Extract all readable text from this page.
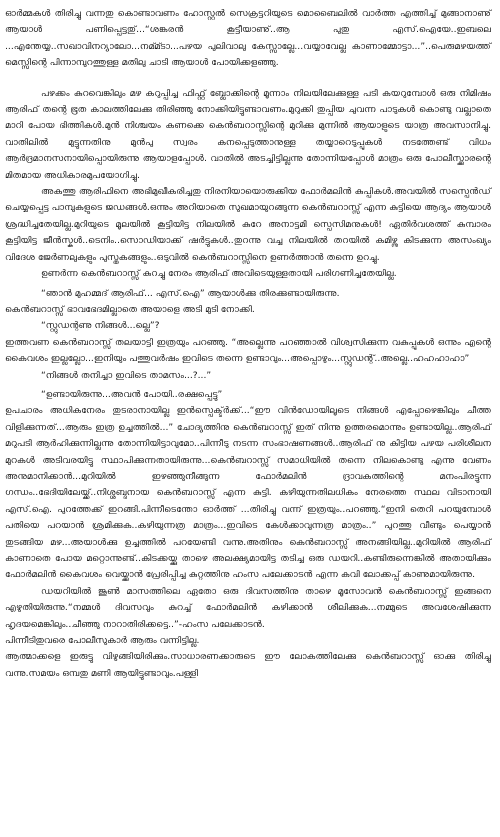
ഓർമ്മകൾ തിരിച്ചു വന്നതു കൊണ്ടാവണം ഹോസ്റ്റൽ സെക്രട്ടറിയുടെ മൊബൈലിൽ വാർത്ത എത്തിച്ച് മുങ്ങാനാണു് ആയാൾ പണിപ്പെട്ടതു്...“ശങ്കരൻ കൂട്ടീയാണു്..ആ പുതു എസ്.ഐയേ..ഇബലെ ...എന്തേയ്യ..സഖാവിനറ്യാലോ...നമ്മ്ടാ...പഴയ പുലിവാലു കേസ്സാല്ലേ...വയ്യാവേല്ല കാണാമ്മോട്ടാ...”..പെരുമഴയത്ത് മെസ്സിന്റെ പിന്നാമ്പുറത്തുള്ള മതിലു ചാടി ആയാൾ പോയിക്കളഞ്ഞു.

പഴക്കം കുറവെങ്കിലും മഴ കറുപ്പിച്ച ഫിഫ്റ്റ് ബ്ലോക്കിന്റെ മൂന്നാം നിലയിലേക്കുള്ള പടി കയറുമ്പോൾ ഒരു നിമിഷം ആരിഫ് തന്റെ ഭൂത കാലത്തിലേക്കു തിരിഞ്ഞു നോക്കിയിട്ടുണ്ടാവണം.മുറുക്കി തുപ്പിയ ചുവന്ന പാടുകൾ കൊണ്ടു വല്ലാതെ മാറി പോയ ഭിത്തികൾ.മുൻ നിശ്ചയം കണക്കെ കെൻബറാസ്സിന്റെ മുറിക്കു മുന്നിൽ ആയാളുടെ യാത്ര അവസാനിച്ചു. വാതിലിൽ മുട്ടുന്നതിനു മുൻപു സ്വരം കനപ്പെടുത്താനുള്ള തയ്യാറെടുപ്പുകൾ നടത്തേണ്ട് വിധം ആർദ്രമാനസനായിപ്പൊയിരുന്നു ആയാളപ്പോൾ. വാതിൽ അടച്ചിട്ടില്ലന്നു തോന്നിയപ്പോൾ മാത്രം ഒരു പോലീസ്ക്കാരന്റെ മിതമായ അധികാരമുപയോഗിച്ചു.

അകത്തു ആരിഫിനെ അഭിമുഖീകരിച്ചതു നിരനിയായൊരുക്കിയ ഫോർമലിൻ കുപ്പികൾ.അവയിൽ സസ്പെൻഡ് ചെയ്യപ്പെട്ട പാമ്പുകളുടെ ജഡങ്ങൾ.ഒന്നും അറിയാതെ സുഖമായുറങ്ങുന്ന കെൻബറാസ്സ് എന്ന കുട്ടിയെ ആദ്യം ആയാൾ ശ്രദ്ധിച്ചതേയില്ല.മുറിയുടെ മൂലയിൽ കൂട്ടിയിട്ട നിലയിൽ കുറേ അനാട്ടമി സ്പെസിമനുകൾ! ഏതിർവശത്ത് കുമ്പാരം കൂട്ടിയിട്ട ജീൻസ്കൾ..ടെനിം..സൊഡിയാക്ക് ഷർട്ടുകൾ..തുറന്നു വച്ച നിലയിൽ തറയിൽ കമിഴ്ന്നു കിടക്കുന്ന അസംഖ്യം വിദേശ ജേർണലുകളും പുസ്തകങ്ങളും..ഒടുവിൽ കെൻബറാസ്സിനെ ഉണർത്താൻ തന്നെ ഉറച്ചു.

ഉണർന്ന കെൻബറാസ്സ് കുറച്ചു നേരം ആരിഫ് അവിടെയുള്ളതായി പരിഗണിച്ചതേയില്ല.

“ഞാൻ മുഹമ്മദ് ആരിഫ്... എസ്.ഐ” ആയാൾക്കു തിരക്കുണ്ടായിരുന്നു.

കെൻബറാസ്സ് ഭാവഭേദമില്ലാതെ അയാളെ അടി മുടി നോക്കി.

“സ്റ്റുഡന്റണു നിങ്ങൾ...ല്ലെ”?

ഇത്തവണ കെൻബറാസ്സ് തലയാട്ടി ഇത്രയും പറഞ്ഞു. “അല്ലെന്നു പറഞ്ഞാൽ വിശ്വസിക്കുന്ന വകുപ്പുകൾ ഒന്നും എന്റെ കൈവശം ഇല്ലല്ലോ...ഇനിയും പത്തുവർഷം ഇവിടെ തന്നെ ഉണ്ടാവും...അപ്പൊഴും...സ്റ്റുഡന്റ്..അല്ലെ..ഹഹഹാഹാ”

“നിങ്ങൾ തനിച്ചാ ഇവിടെ താമസം...?...”

“ഉണ്ടായിരുന്നു...അവൻ പോയി..രക്ഷപ്പെട്ടു”

ഉപചാരം അധികനേരം തുടരാനായില്ല ഇൻസ്പെക്ട്ർക്ക്...“ഈ വിൻഡോയിലൂടെ നിങ്ങൾ എപ്പോഴെങ്കിലും ചീത്ത വിളിക്കുന്നത്...ആരും ഇത്ര ഉച്ചത്തിൽ...” ചോദ്യത്തിനു കെൻബറാസ്സ് ഇത് നിന്നു ഉത്തരമൊന്നും ഉണ്ടായില്ല..ആരിഫ് മറുപടി ആർഹിക്കുന്നില്ലന്നു തോന്നിയിട്ടാവുമോ..പിന്നീടു നടന്ന സംഭാഷണങ്ങൾ..ആരിഫ് നു കിട്ടിയ പഴയ പരിശീലന മുറകൾ അടിവരയിട്ടു സ്ഥാപിക്കുന്നതായിരുന്നു...കെൻബറാസ്സ് സമാധിയിൽ തന്നെ നിലകൊണ്ടു എന്നു വേണം അനുമാനിക്കാൻ...മുറിയിൽ ഇഴഞ്ഞുനീങ്ങുന്ന ഫോർമലിൻ ദ്രാവകത്തിന്റെ മനംപിരട്ടുന്ന ഗന്ധം..ഭേദിയിലേയ്ക്ക്..നിശ്ശബ്ദനായ കെൻബറാസ്സ് എന്ന കുട്ടി. കഴിയുന്നതിലധികം നേരത്തെ സ്ഥല വിടാനായി എസ്.ഐ. പുറത്തേക്ക് ഇറങ്ങി.പിന്നീടെന്തോ ഓർത്ത് ...തിരിച്ചു വന്ന് ഇത്രയും..പറഞ്ഞു.“ഇനി തെറി പറയുമ്പോൾ പതിയെ പറയാൻ ശ്രമിക്കുക..കഴിയുന്നത്ര മാത്രം...ഇവിടെ കേൾക്കാവുന്നത്ര മാത്രം..” പുറത്തു വീണ്ടും പെയ്യാൻ തുടങ്ങിയ മഴ...അയാൾക്കു ഉച്ചത്തിൽ പറയേണ്ടി വന്നു.അതിനും കെൻബറാസ്സ് അനങ്ങിയില്ല..മുറിയിൽ ആരിഫ് കാണാതെ പോയ മറ്റൊന്നുണ്ട്..കിടക്കയ്ക്കു താഴെ അലക്ഷ്യമായിട്ട തടിച്ച ഒരു ഡയറി..കണ്ടിരുന്നെങ്കിൽ അതായിക്കും ഫോർമലിൻ കൈവശം വെയ്ക്കാൻ പ്രേരിപ്പിച്ച കുറ്റത്തിനു ഹംസ പലേക്കാടൻ എന്ന കവി ലോക്കപ്പ് കാണുമായിരുന്നു.

ഡയറിയിൽ ജൂൺ മാസത്തിലെ ഏതോ ഒരു ദിവസത്തിനു താഴെ മൂസോവൻ കെൻബറാസ്സ് ഇങ്ങനെ എഴുതിയിരുന്നു.“നമ്മൾ ദിവസവും കുറച്ച് ഫോർമലിൻ കഴിക്കാൻ ശീലിക്കുക...നമ്മുടെ അവശേഷിക്കുന്ന ഹൃദയമെങ്കിലും..ചീഞ്ഞു നാറാതിരിക്കട്ടെ..”-ഹംസ പലേക്കാടൻ.

പിന്നീടിതുവരെ പോലീസുകാർ ആരും വന്നിട്ടില്ല.

ആത്മാക്കളെ ഇരുട്ടു വിഴുങ്ങിയിരിക്കും.സാധാരണക്കാരുടെ ഈ ലോകത്തിലേക്കു കെൻബറാസ്സ് ഓക്കു തിരിച്ചു വന്നു.സമയം ഒമ്പതു മണി ആയിട്ടുണ്ടാവും.പള്ളി
